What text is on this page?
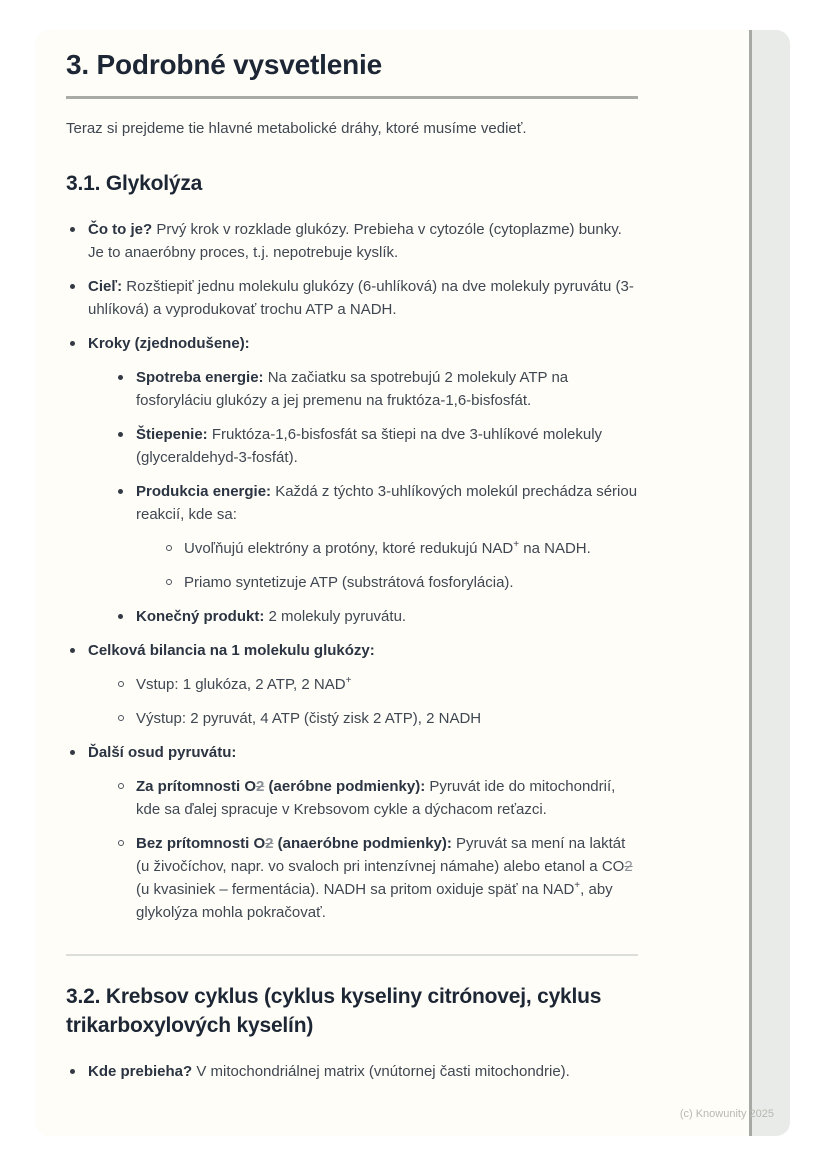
3. Podrobné vysvetlenie

Teraz si prejdeme tie hlavné metabolické dráhy, ktoré musíme vedieť.

3.1. Glykolýza
Čo to je? Prvý krok v rozklade glukózy. Prebieha v cytozóle (cytoplazme) bunky. Je to anaeróbny proces, t.j. nepotrebuje kyslík.
Cieľ: Rozštiepiť jednu molekulu glukózy (6-uhlíková) na dve molekuly pyruvátu (3-uhlíková) a vyprodukovať trochu ATP a NADH.
Kroky (zjednodušene):
Spotreba energie: Na začiatku sa spotrebujú 2 molekuly ATP na fosforyláciu glukózy a jej premenu na fruktóza-1,6-bisfosfát.
Štiepenie: Fruktóza-1,6-bisfosfát sa štiepi na dve 3-uhlíkové molekuly (glyceraldehyd-3-fosfát).
Produkcia energie: Každá z týchto 3-uhlíkových molekúl prechádza sériou reakcií, kde sa:
Uvoľňujú elektróny a protóny, ktoré redukujú NAD+ na NADH.
Priamo syntetizuje ATP (substrátová fosforylácia).
Konečný produkt: 2 molekuly pyruvátu.
Celková bilancia na 1 molekulu glukózy:
Vstup: 1 glukóza, 2 ATP, 2 NAD+
Výstup: 2 pyruvát, 4 ATP (čistý zisk 2 ATP), 2 NADH
Ďalší osud pyruvátu:
Za prítomnosti O2 (aeróbne podmienky): Pyruvát ide do mitochondrií, kde sa ďalej spracuje v Krebsovom cykle a dýchacom reťazci.
Bez prítomnosti O2 (anaeróbne podmienky): Pyruvát sa mení na laktát (u živočíchov, napr. vo svaloch pri intenzívnej námahe) alebo etanol a CO2 (u kvasiniek – fermentácia). NADH sa pritom oxiduje späť na NAD+, aby glykolýza mohla pokračovať.
3.2. Krebsov cyklus (cyklus kyseliny citrónovej, cyklus trikarboxylových kyselín)
Kde prebieha? V mitochondriálnej matrix (vnútornej časti mitochondrie).
(c) Knowunity 2025
